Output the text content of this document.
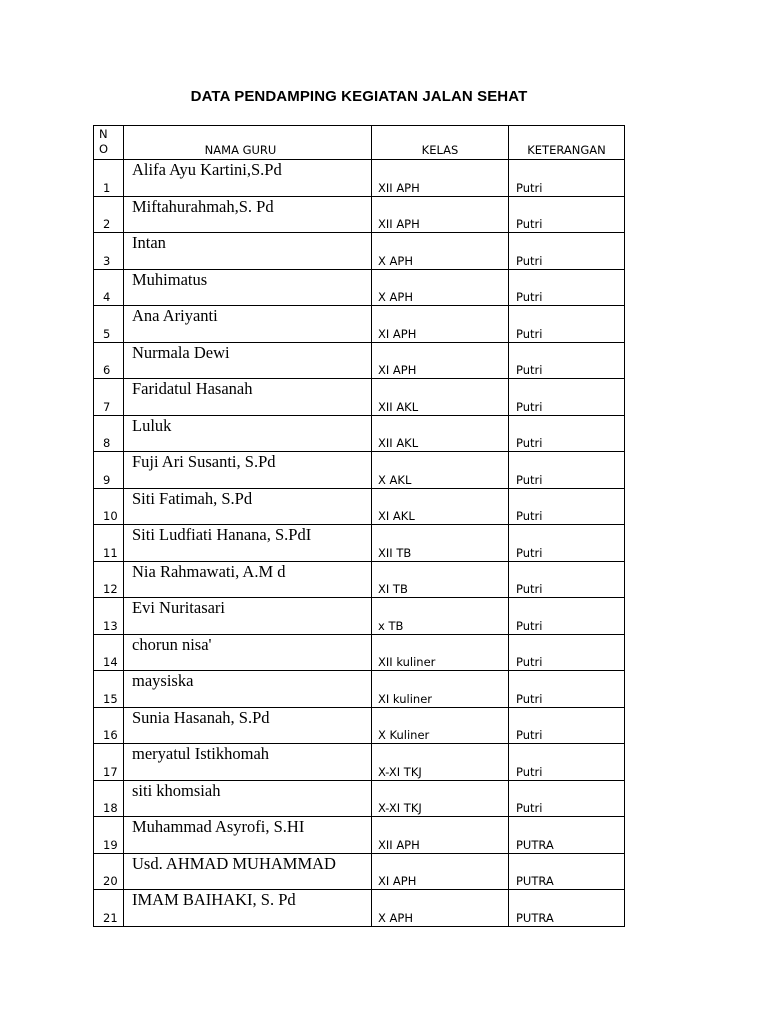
DATA PENDAMPING KEGIATAN JALAN SEHAT
N
O	NAMA GURU	KELAS	KETERANGAN

1	Alifa Ayu Kartini,S.Pd	XII APH	Putri

2	Miftahurahmah,S. Pd	XII APH	Putri

3	Intan	X APH	Putri

4	Muhimatus	X APH	Putri

5	Ana Ariyanti	XI APH	Putri

6	Nurmala Dewi	XI APH	Putri

7	Faridatul Hasanah	XII AKL	Putri

8	Luluk	XII AKL	Putri

9	Fuji Ari Susanti, S.Pd	X AKL	Putri

10	Siti Fatimah, S.Pd	XI AKL	Putri

11	Siti Ludfiati Hanana, S.PdI	XII TB	Putri

12	Nia Rahmawati, A.M d	XI TB	Putri

13	Evi Nuritasari	x TB	Putri

14	chorun nisa'	XII kuliner	Putri

15	maysiska	XI kuliner	Putri

16	Sunia Hasanah, S.Pd	X Kuliner	Putri

17	meryatul Istikhomah	X-XI TKJ	Putri

18	siti khomsiah	X-XI TKJ	Putri

19	Muhammad Asyrofi, S.HI	XII APH	PUTRA

20	Usd. AHMAD MUHAMMAD	XI APH	PUTRA

21	IMAM BAIHAKI, S. Pd	X APH	PUTRA
